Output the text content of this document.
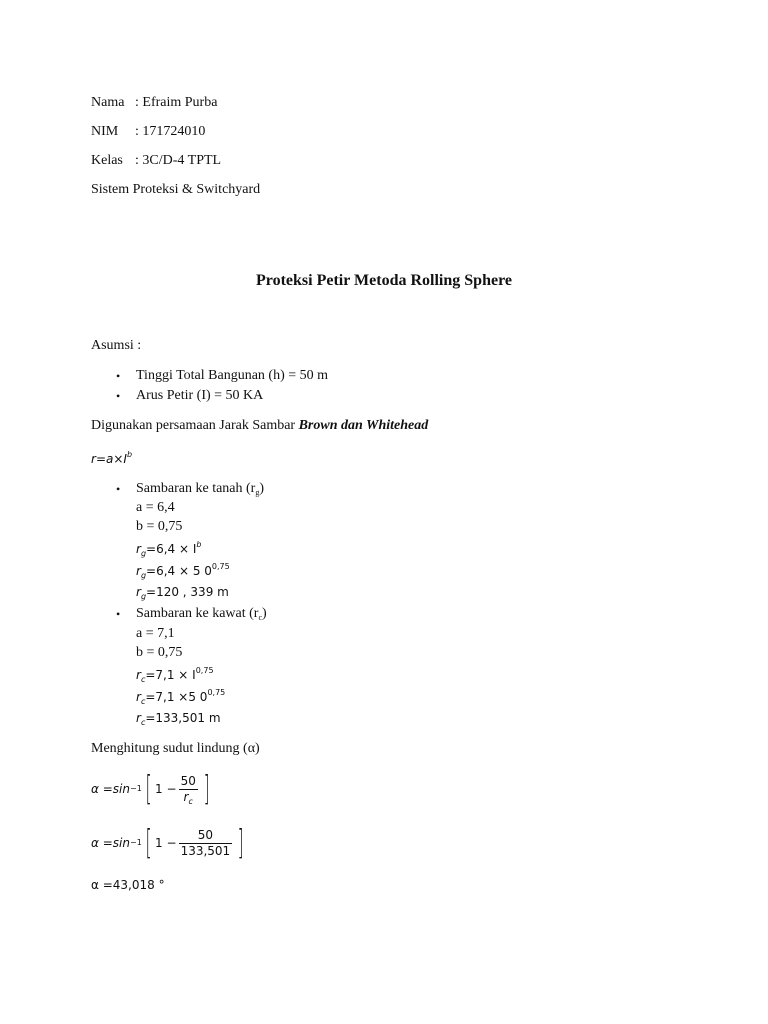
Nama : Efraim Purba
NIM : 171724010
Kelas : 3C/D-4 TPTL
Sistem Proteksi & Switchyard
Proteksi Petir Metoda Rolling Sphere
Asumsi :
• Tinggi Total Bangunan (h) = 50 m
• Arus Petir (I) = 50 KA
Digunakan persamaan Jarak Sambar Brown dan Whitehead
$r=a\times I^b$
• Sambaran ke tanah $(r_g)$
a = 6,4
b = 0,75
$r_g=6,4 \times I^b$
$r_g=6,4 \times 5$ 0$^{0,75}$
$r_g=120$ , 339 m
• Sambaran ke kawat $(r_c)$
a = 7,1
b = 0,75
$r_c=7,1 \times I^{0,75}$
$r_c=7,1 \times 5$ 0$^{0,75}$
$r_c=133,501$ m
Menghitung sudut lindung (α)
α =sin −1 [ $1 - \frac{50}{r_c}$ ]
α =sin −1 [ $1 - \frac{50}{133,501}$ ]
α =43,018 °
